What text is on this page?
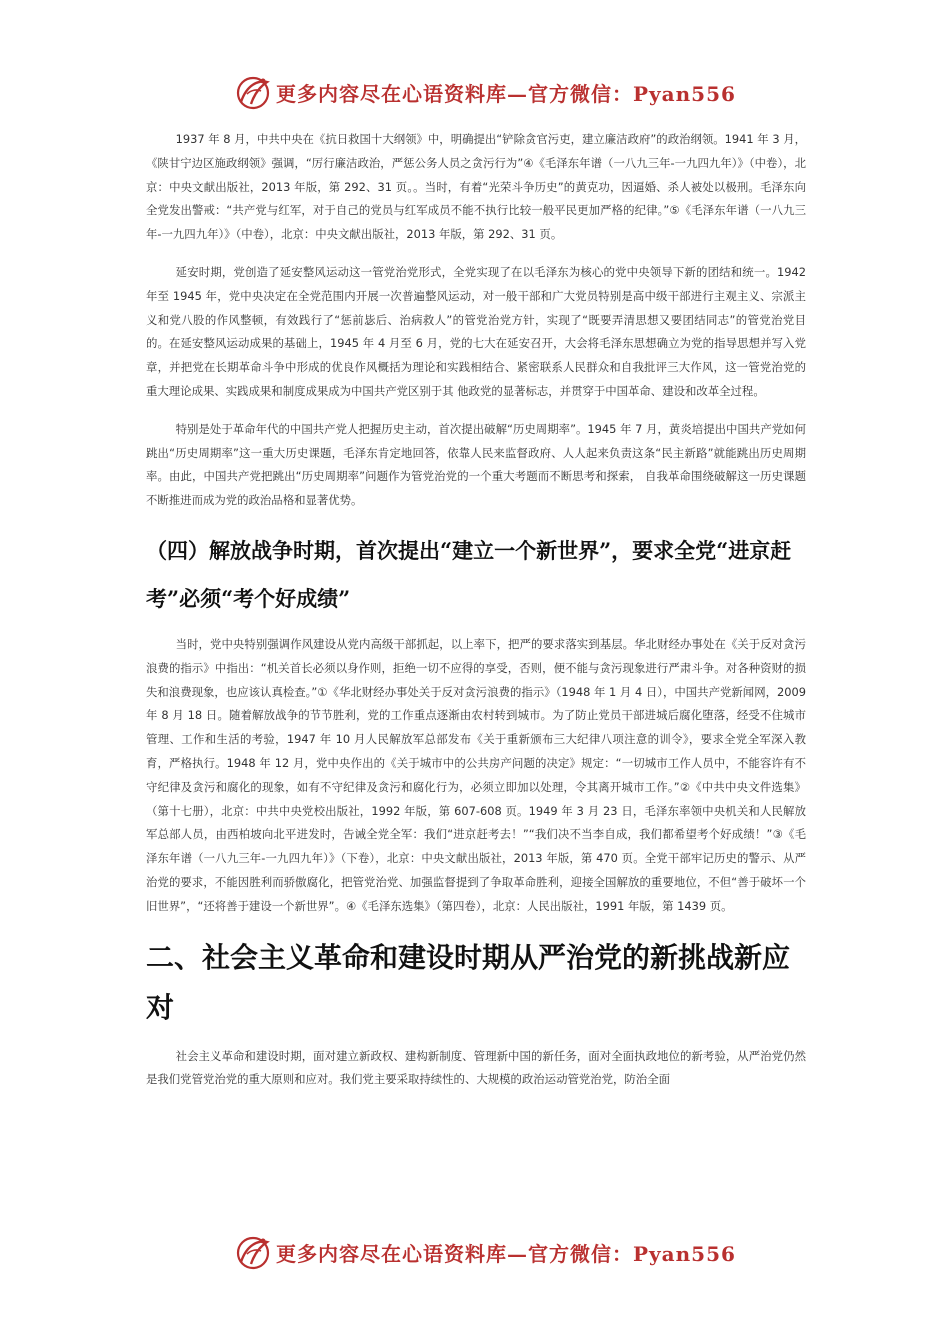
更多内容尽在心语资料库—官方微信：Pyan556

1937 年 8 月，中共中央在《抗日救国十大纲领》中，明确提出“铲除贪官污吏，建立廉洁政府”的政治纲领。1941 年 3 月，《陕甘宁边区施政纲领》强调，“厉行廉洁政治，严惩公务人员之贪污行为”④《毛泽东年谱（一八九三年-一九四九年）》（中卷），北京：中央文献出版社，2013 年版，第 292、31 页。。当时，有着“光荣斗争历史”的黄克功，因逼婚、杀人被处以极刑。毛泽东向全党发出警戒：“共产党与红军，对于自己的党员与红军成员不能不执行比较一般平民更加严格的纪律。”⑤《毛泽东年谱（一八九三年-一九四九年）》（中卷），北京：中央文献出版社，2013 年版，第 292、31 页。

延安时期，党创造了延安整风运动这一管党治党形式，全党实现了在以毛泽东为核心的党中央领导下新的团结和统一。1942 年至 1945 年，党中央决定在全党范围内开展一次普遍整风运动，对一般干部和广大党员特别是高中级干部进行主观主义、宗派主义和党八股的作风整顿，有效践行了“惩前毖后、治病救人”的管党治党方针，实现了“既要弄清思想又要团结同志”的管党治党目的。在延安整风运动成果的基础上，1945 年 4 月至 6 月，党的七大在延安召开，大会将毛泽东思想确立为党的指导思想并写入党章，并把党在长期革命斗争中形成的优良作风概括为理论和实践相结合、紧密联系人民群众和自我批评三大作风，这一管党治党的重大理论成果、实践成果和制度成果成为中国共产党区别于其 他政党的显著标志，并贯穿于中国革命、建设和改革全过程。

特别是处于革命年代的中国共产党人把握历史主动，首次提出破解“历史周期率”。1945 年 7 月，黄炎培提出中国共产党如何跳出“历史周期率”这一重大历史课题，毛泽东肯定地回答，依靠人民来监督政府、人人起来负责这条“民主新路”就能跳出历史周期率。由此，中国共产党把跳出“历史周期率”问题作为管党治党的一个重大考题而不断思考和探索， 自我革命围绕破解这一历史课题不断推进而成为党的政治品格和显著优势。

（四）解放战争时期，首次提出“建立一个新世界”，要求全党“进京赶考”必须“考个好成绩”

当时，党中央特别强调作风建设从党内高级干部抓起，以上率下，把严的要求落实到基层。华北财经办事处在《关于反对贪污浪费的指示》中指出：“机关首长必须以身作则，拒绝一切不应得的享受，否则，便不能与贪污现象进行严肃斗争。对各种资财的损失和浪费现象，也应该认真检查。”①《华北财经办事处关于反对贪污浪费的指示》（1948 年 1 月 4 日），中国共产党新闻网，2009 年 8 月 18 日。随着解放战争的节节胜利，党的工作重点逐渐由农村转到城市。为了防止党员干部进城后腐化堕落，经受不住城市管理、工作和生活的考验，1947 年 10 月人民解放军总部发布《关于重新颁布三大纪律八项注意的训令》，要求全党全军深入教育，严格执行。1948 年 12 月，党中央作出的《关于城市中的公共房产问题的决定》规定：“一切城市工作人员中，不能容许有不守纪律及贪污和腐化的现象，如有不守纪律及贪污和腐化行为，必须立即加以处理，令其离开城市工作。”②《中共中央文件选集》（第十七册），北京：中共中央党校出版社，1992 年版，第 607-608 页。1949 年 3 月 23 日，毛泽东率领中央机关和人民解放军总部人员，由西柏坡向北平进发时，告诫全党全军：我们“进京赶考去！”“我们决不当李自成，我们都希望考个好成绩！”③《毛泽东年谱（一八九三年-一九四九年）》（下卷），北京：中央文献出版社，2013 年版，第 470 页。全党干部牢记历史的警示、从严治党的要求，不能因胜利而骄傲腐化，把管党治党、加强监督提到了争取革命胜利，迎接全国解放的重要地位，不但“善于破坏一个旧世界”，“还将善于建设一个新世界”。④《毛泽东选集》（第四卷），北京：人民出版社，1991 年版，第 1439 页。

二、社会主义革命和建设时期从严治党的新挑战新应对

社会主义革命和建设时期，面对建立新政权、建构新制度、管理新中国的新任务，面对全面执政地位的新考验，从严治党仍然是我们党管党治党的重大原则和应对。我们党主要采取持续性的、大规模的政治运动管党治党，防治全面

更多内容尽在心语资料库—官方微信：Pyan556
